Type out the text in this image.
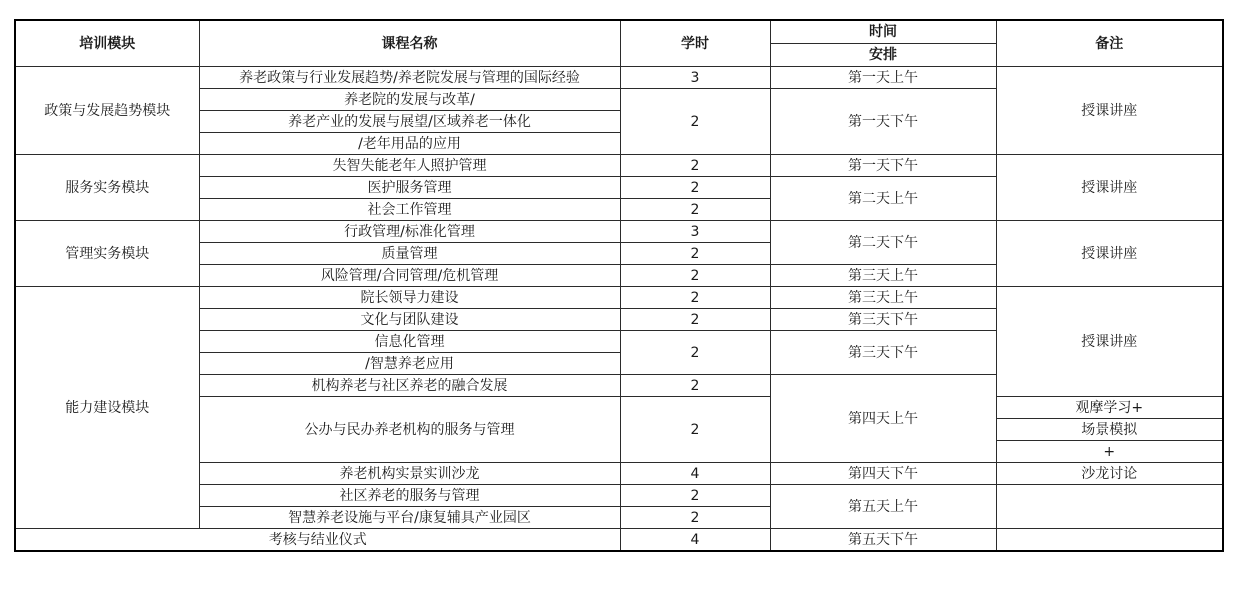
培训模块	课程名称	学时	时间	备注
			安排	
政策与发展趋势模块	养老政策与行业发展趋势/养老院发展与管理的国际经验	3	第一天上午	授课讲座
	养老院的发展与改革/	2	第一天下午	
	养老产业的发展与展望/区域养老一体化			
	/老年用品的应用			
服务实务模块	失智失能老年人照护管理	2	第一天下午	授课讲座
	医护服务管理	2	第二天上午	
	社会工作管理	2		
管理实务模块	行政管理/标准化管理	3	第二天下午	授课讲座
	质量管理	2		
	风险管理/合同管理/危机管理	2	第三天上午	
能力建设模块	院长领导力建设	2	第三天上午	授课讲座
	文化与团队建设	2	第三天下午	
	信息化管理	2	第三天下午	
	/智慧养老应用			
	机构养老与社区养老的融合发展	2	第四天上午	
	公办与民办养老机构的服务与管理	2		观摩学习+
				场景模拟
				+
	养老机构实景实训沙龙	4	第四天下午	沙龙讨论
	社区养老的服务与管理	2	第五天上午	
	智慧养老设施与平台/康复辅具产业园区	2		
考核与结业仪式		4	第五天下午	
